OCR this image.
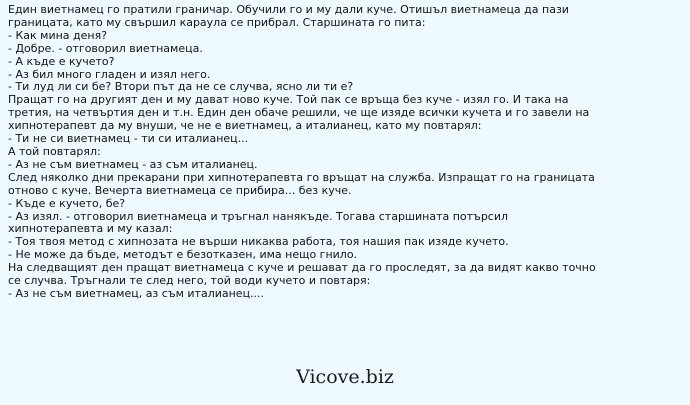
Един виетнамец го пратили граничар. Обучили го и му дали куче. Отишъл виетнамеца да пази
границата, като му свършил караула се прибрал. Старшината го пита:
- Как мина деня?
- Добре. - отговорил виетнамеца.
- А къде е кучето?
- Аз бил много гладен и изял него.
- Ти луд ли си бе? Втори път да не се случва, ясно ли ти е?
Пращат го на другият ден и му дават ново куче. Той пак се връща без куче - изял го. И така на
третия, на четвъртия ден и т.н. Един ден обаче решили, че ще изяде всички кучета и го завели на
хипнотерапевт да му внуши, че не е виетнамец, а италианец, като му повтарял:
- Ти не си виетнамец - ти си италианец...
А той повтарял:
- Аз не съм виетнамец - аз съм италианец.
След няколко дни прекарани при хипнотерапевта го връщат на служба. Изпращат го на границата
отново с куче. Вечерта виетнамеца се прибира... без куче.
- Къде е кучето, бе?
- Аз изял. - отговорил виетнамеца и тръгнал нанякъде. Тогава старшината потърсил
хипнотерапевта и му казал:
- Тоя твоя метод с хипнозата не върши никаква работа, тоя нашия пак изяде кучето.
- Не може да бъде, методът е безотказен, има нещо гнило.
На следващият ден пращат виетнамеца с куче и решават да го проследят, за да видят какво точно
се случва. Тръгнали те след него, той води кучето и повтаря:
- Аз не съм виетнамец, аз съм италианец....
Vicove.biz
